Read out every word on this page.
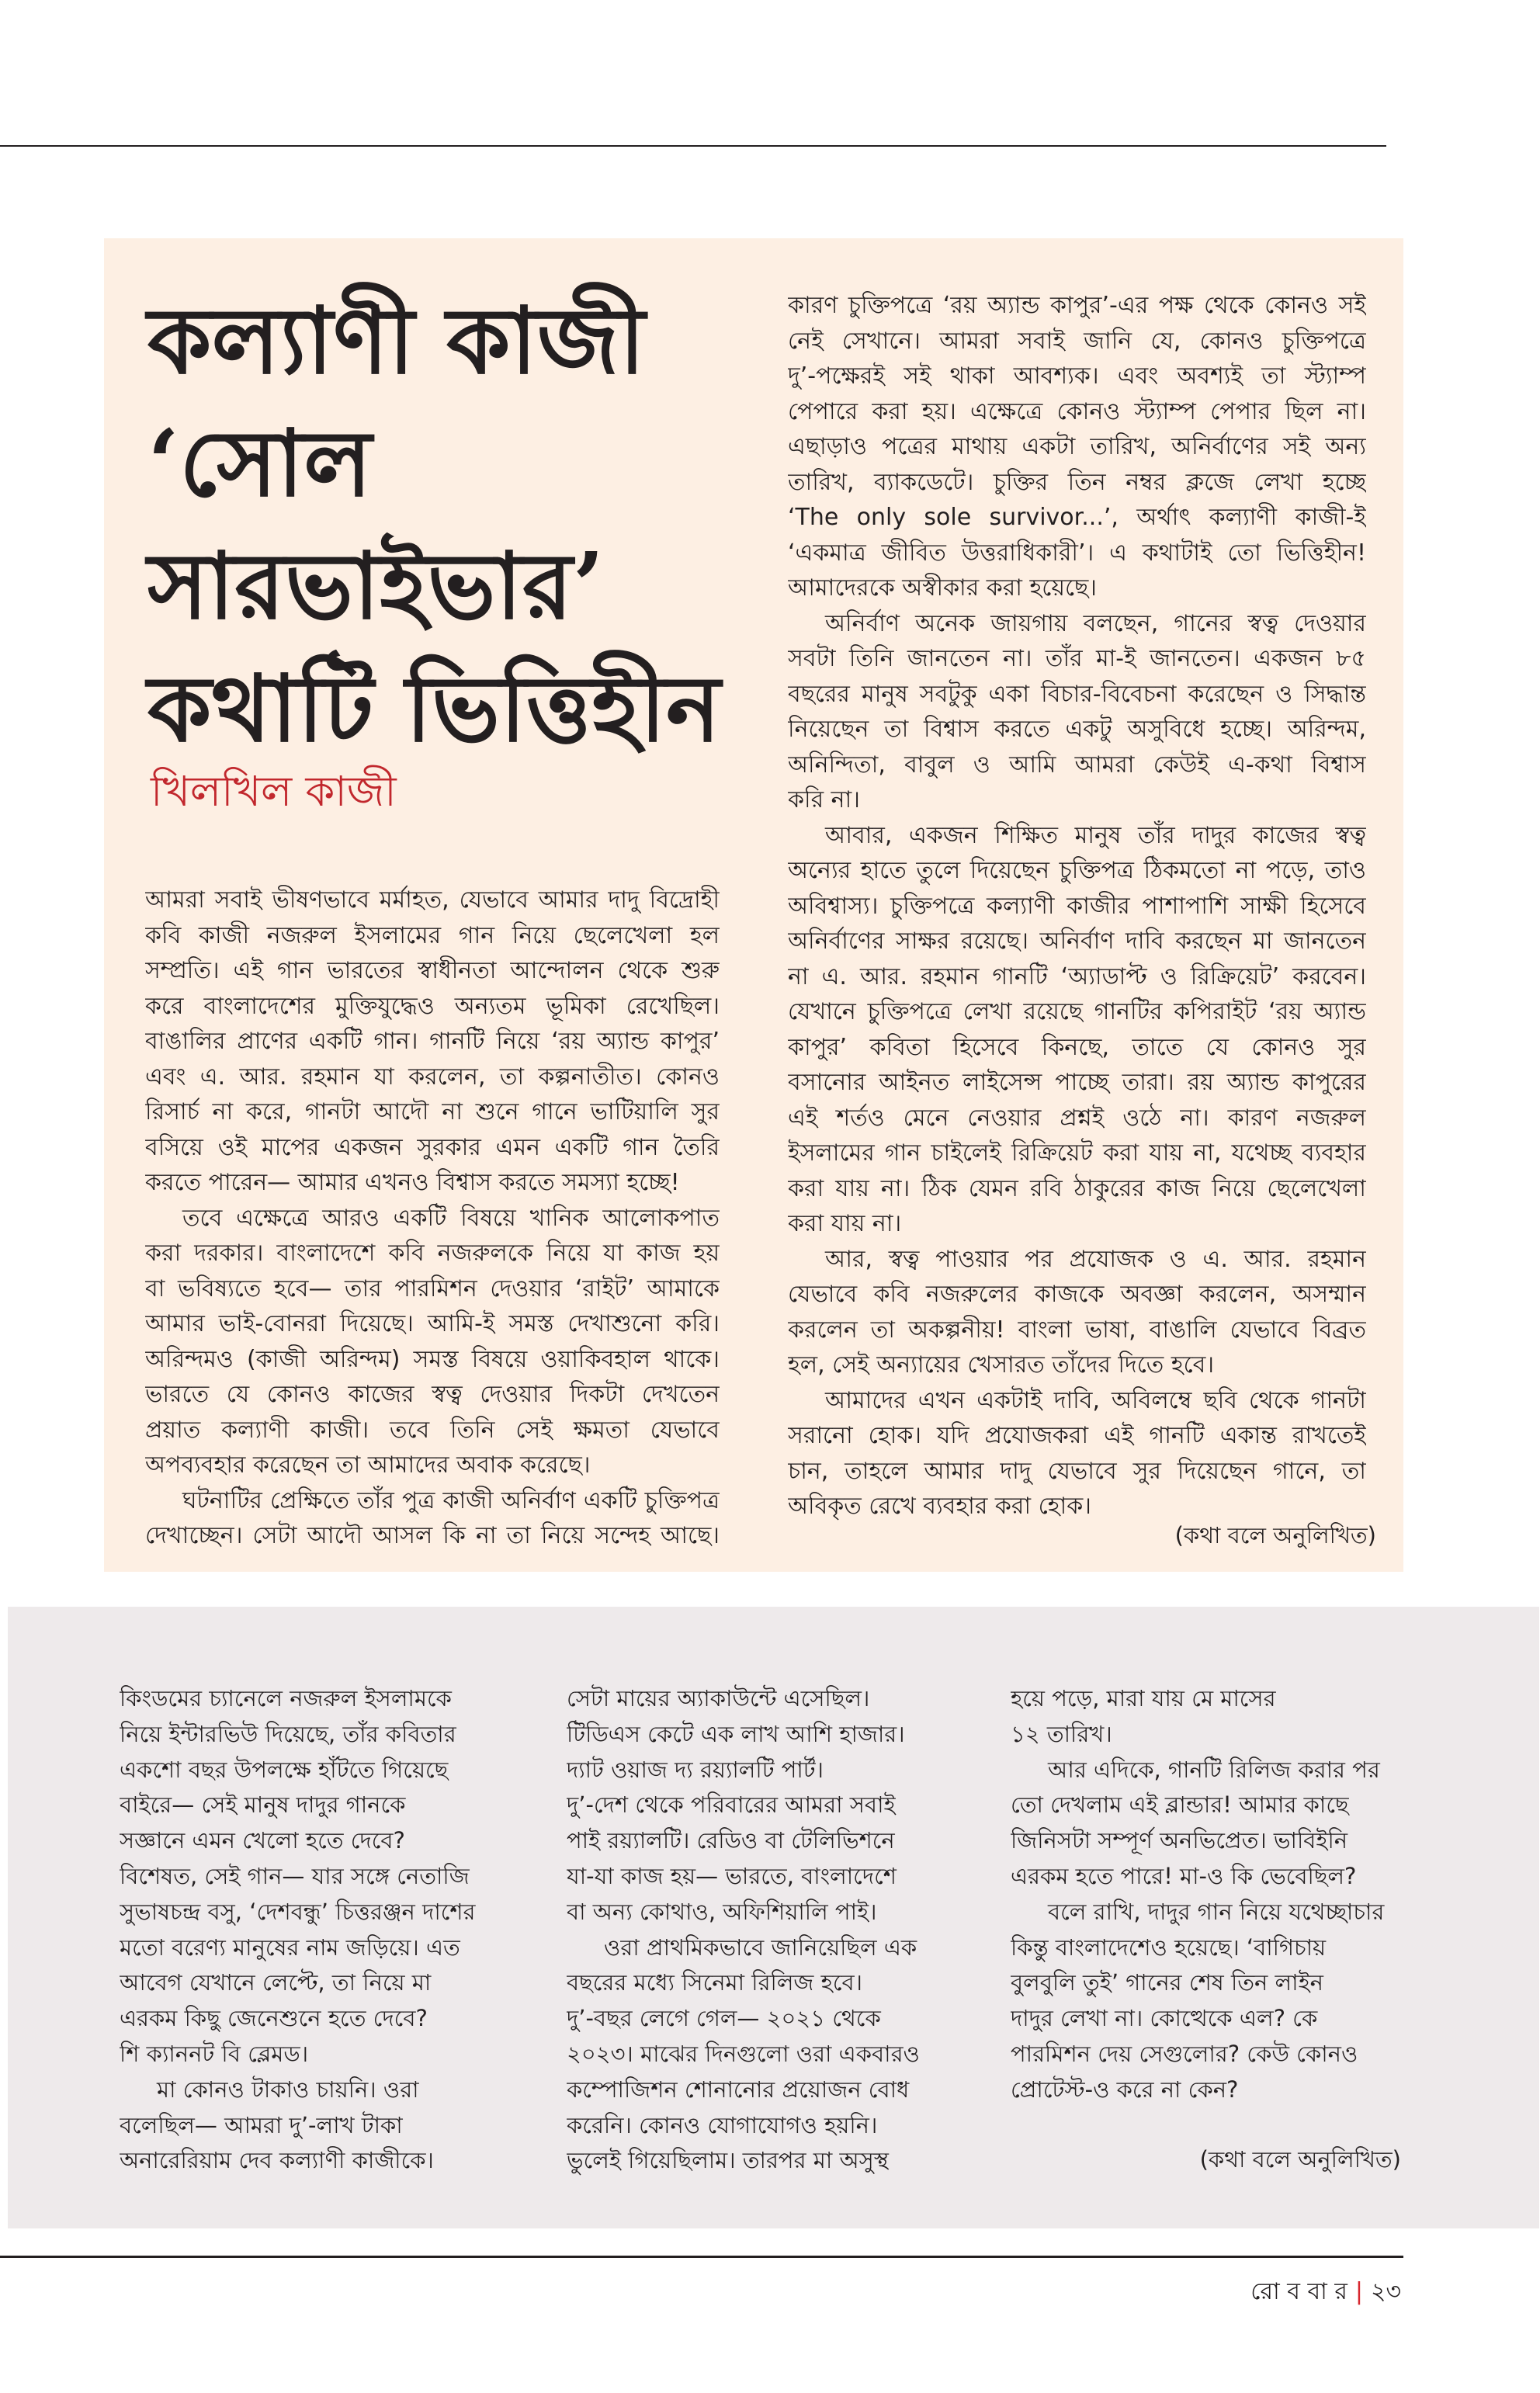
কল্যাণী কাজী
‘সোল
সারভাইভার’
কথাটি ভিত্তিহীন
খিলখিল কাজী
আমরা সবাই ভীষণভাবে মর্মাহত, যেভাবে আমার দাদু বিদ্রোহী
কবি কাজী নজরুল ইসলামের গান নিয়ে ছেলেখেলা হল
সম্প্রতি। এই গান ভারতের স্বাধীনতা আন্দোলন থেকে শুরু
করে বাংলাদেশের মুক্তিযুদ্ধেও অন্যতম ভূমিকা রেখেছিল।
বাঙালির প্রাণের একটি গান। গানটি নিয়ে ‘রয় অ্যান্ড কাপুর’
এবং এ. আর. রহমান যা করলেন, তা কল্পনাতীত। কোনও
রিসার্চ না করে, গানটা আদৌ না শুনে গানে ভাটিয়ালি সুর
বসিয়ে ওই মাপের একজন সুরকার এমন একটি গান তৈরি
করতে পারেন— আমার এখনও বিশ্বাস করতে সমস্যা হচ্ছে!
তবে এক্ষেত্রে আরও একটি বিষয়ে খানিক আলোকপাত
করা দরকার। বাংলাদেশে কবি নজরুলকে নিয়ে যা কাজ হয়
বা ভবিষ্যতে হবে— তার পারমিশন দেওয়ার ‘রাইট’ আমাকে
আমার ভাই-বোনরা দিয়েছে। আমি-ই সমস্ত দেখাশুনো করি।
অরিন্দমও (কাজী অরিন্দম) সমস্ত বিষয়ে ওয়াকিবহাল থাকে।
ভারতে যে কোনও কাজের স্বত্ব দেওয়ার দিকটা দেখতেন
প্রয়াত কল্যাণী কাজী। তবে তিনি সেই ক্ষমতা যেভাবে
অপব্যবহার করেছেন তা আমাদের অবাক করেছে।
ঘটনাটির প্রেক্ষিতে তাঁর পুত্র কাজী অনির্বাণ একটি চুক্তিপত্র
দেখাচ্ছেন। সেটা আদৌ আসল কি না তা নিয়ে সন্দেহ আছে।
কারণ চুক্তিপত্রে ‘রয় অ্যান্ড কাপুর’-এর পক্ষ থেকে কোনও সই
নেই সেখানে। আমরা সবাই জানি যে, কোনও চুক্তিপত্রে
দু’-পক্ষেরই সই থাকা আবশ্যক। এবং অবশ্যই তা স্ট্যাম্প
পেপারে করা হয়। এক্ষেত্রে কোনও স্ট্যাম্প পেপার ছিল না।
এছাড়াও পত্রের মাথায় একটা তারিখ, অনির্বাণের সই অন্য
তারিখ, ব্যাকডেটে। চুক্তির তিন নম্বর ক্লজে লেখা হচ্ছে
‘The only sole survivor...’, অর্থাৎ কল্যাণী কাজী-ই
‘একমাত্র জীবিত উত্তরাধিকারী’। এ কথাটাই তো ভিত্তিহীন!
আমাদেরকে অস্বীকার করা হয়েছে।
অনির্বাণ অনেক জায়গায় বলছেন, গানের স্বত্ব দেওয়ার
সবটা তিনি জানতেন না। তাঁর মা-ই জানতেন। একজন ৮৫
বছরের মানুষ সবটুকু একা বিচার-বিবেচনা করেছেন ও সিদ্ধান্ত
নিয়েছেন তা বিশ্বাস করতে একটু অসুবিধে হচ্ছে। অরিন্দম,
অনিন্দিতা, বাবুল ও আমি আমরা কেউই এ-কথা বিশ্বাস
করি না।
আবার, একজন শিক্ষিত মানুষ তাঁর দাদুর কাজের স্বত্ব
অন্যের হাতে তুলে দিয়েছেন চুক্তিপত্র ঠিকমতো না পড়ে, তাও
অবিশ্বাস্য। চুক্তিপত্রে কল্যাণী কাজীর পাশাপাশি সাক্ষী হিসেবে
অনির্বাণের সাক্ষর রয়েছে। অনির্বাণ দাবি করছেন মা জানতেন
না এ. আর. রহমান গানটি ‘অ্যাডাপ্ট ও রিক্রিয়েট’ করবেন।
যেখানে চুক্তিপত্রে লেখা রয়েছে গানটির কপিরাইট ‘রয় অ্যান্ড
কাপুর’ কবিতা হিসেবে কিনছে, তাতে যে কোনও সুর
বসানোর আইনত লাইসেন্স পাচ্ছে তারা। রয় অ্যান্ড কাপুরের
এই শর্তও মেনে নেওয়ার প্রশ্নই ওঠে না। কারণ নজরুল
ইসলামের গান চাইলেই রিক্রিয়েট করা যায় না, যথেচ্ছ ব্যবহার
করা যায় না। ঠিক যেমন রবি ঠাকুরের কাজ নিয়ে ছেলেখেলা
করা যায় না।
আর, স্বত্ব পাওয়ার পর প্রযোজক ও এ. আর. রহমান
যেভাবে কবি নজরুলের কাজকে অবজ্ঞা করলেন, অসম্মান
করলেন তা অকল্পনীয়! বাংলা ভাষা, বাঙালি যেভাবে বিব্রত
হল, সেই অন্যায়ের খেসারত তাঁদের দিতে হবে।
আমাদের এখন একটাই দাবি, অবিলম্বে ছবি থেকে গানটা
সরানো হোক। যদি প্রযোজকরা এই গানটি একান্ত রাখতেই
চান, তাহলে আমার দাদু যেভাবে সুর দিয়েছেন গানে, তা
অবিকৃত রেখে ব্যবহার করা হোক।
(কথা বলে অনুলিখিত)
কিংডমের চ্যানেলে নজরুল ইসলামকে
নিয়ে ইন্টারভিউ দিয়েছে, তাঁর কবিতার
একশো বছর উপলক্ষে হাঁটতে গিয়েছে
বাইরে— সেই মানুষ দাদুর গানকে
সজ্ঞানে এমন খেলো হতে দেবে?
বিশেষত, সেই গান— যার সঙ্গে নেতাজি
সুভাষচন্দ্র বসু, ‘দেশবন্ধু’ চিত্তরঞ্জন দাশের
মতো বরেণ্য মানুষের নাম জড়িয়ে। এত
আবেগ যেখানে লেপ্টে, তা নিয়ে মা
এরকম কিছু জেনেশুনে হতে দেবে?
শি ক্যাননট বি ব্লেমড।
মা কোনও টাকাও চায়নি। ওরা
বলেছিল— আমরা দু’-লাখ টাকা
অনারেরিয়াম দেব কল্যাণী কাজীকে।
সেটা মায়ের অ্যাকাউন্টে এসেছিল।
টিডিএস কেটে এক লাখ আশি হাজার।
দ্যাট ওয়াজ দ্য রয়্যালটি পার্ট।
দু’-দেশ থেকে পরিবারের আমরা সবাই
পাই রয়্যালটি। রেডিও বা টেলিভিশনে
যা-যা কাজ হয়— ভারতে, বাংলাদেশে
বা অন্য কোথাও, অফিশিয়ালি পাই।
ওরা প্রাথমিকভাবে জানিয়েছিল এক
বছরের মধ্যে সিনেমা রিলিজ হবে।
দু’-বছর লেগে গেল— ২০২১ থেকে
২০২৩। মাঝের দিনগুলো ওরা একবারও
কম্পোজিশন শোনানোর প্রয়োজন বোধ
করেনি। কোনও যোগাযোগও হয়নি।
ভুলেই গিয়েছিলাম। তারপর মা অসুস্থ
হয়ে পড়ে, মারা যায় মে মাসের
১২ তারিখ।
আর এদিকে, গানটি রিলিজ করার পর
তো দেখলাম এই ব্লান্ডার! আমার কাছে
জিনিসটা সম্পূর্ণ অনভিপ্রেত। ভাবিইনি
এরকম হতে পারে! মা-ও কি ভেবেছিল?
বলে রাখি, দাদুর গান নিয়ে যথেচ্ছাচার
কিন্তু বাংলাদেশেও হয়েছে। ‘বাগিচায়
বুলবুলি তুই’ গানের শেষ তিন লাইন
দাদুর লেখা না। কোত্থেকে এল? কে
পারমিশন দেয় সেগুলোর? কেউ কোনও
প্রোটেস্ট-ও করে না কেন?
(কথা বলে অনুলিখিত)
রো ব বা র | ২৩
